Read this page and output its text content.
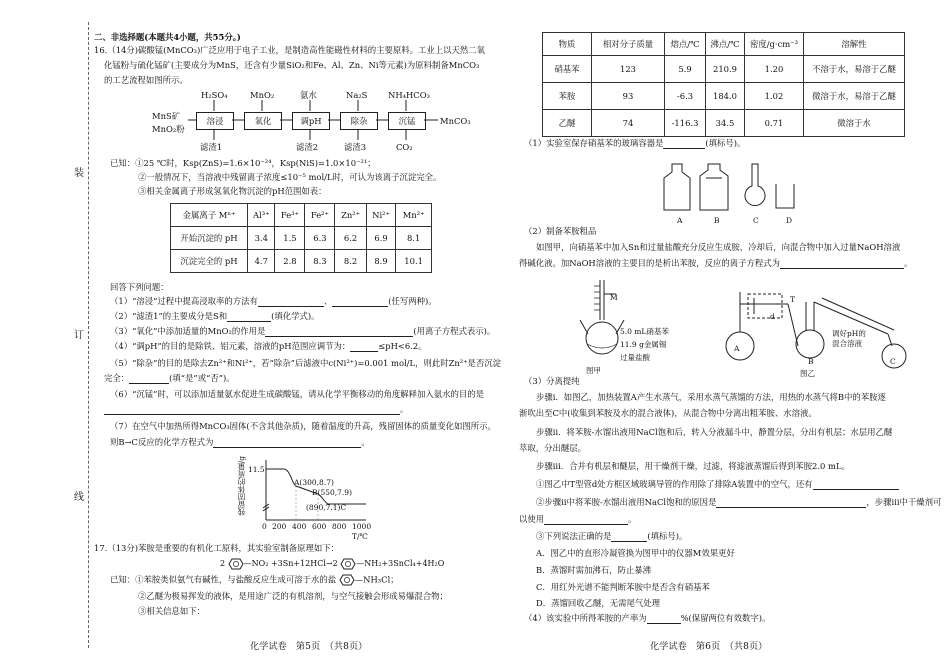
装
订
线
二、非选择题(本题共4小题，共55分。)
16.（14分)碳酸锰(MnCO₃)广泛应用于电子工业，是制造高性能磁性材料的主要原料。工业上以天然二氧
化锰粉与硫化锰矿(主要成分为MnS，还含有少量SiO₂和Fe、Al、Zn、Ni等元素)为原料制备MnCO₃
的工艺流程如图所示。
MnS矿
MnO₂粉
溶浸	氧化	调pH	除杂	沉锰
H₂SO₄	MnO₂	氨水	Na₂S NH₄HCO₃
滤渣1	滤渣2	滤渣3	CO₂
MnCO₃
已知：①25 ℃时，Ksp(ZnS)=1.6×10⁻²⁴，Ksp(NiS)=1.0×10⁻²¹；
②一般情况下，当溶液中残留离子浓度≤10⁻⁵ mol/L时，可认为该离子沉淀完全。
③相关金属离子形成氢氧化物沉淀的pH范围如表：
金属离子 Mⁿ⁺	Al³⁺	Fe³⁺	Fe²⁺	Zn²⁺	Ni²⁺	Mn²⁺
开始沉淀的 pH	3.4	1.5	6.3	6.2	6.9	8.1
沉淀完全的 pH	4.7	2.8	8.3	8.2	8.9	10.1
回答下列问题：
（1）“溶浸”过程中提高浸取率的方法有	、	(任写两种)。
（2）“滤渣1”的主要成分是S和	(填化学式)。
（3）“氧化”中添加适量的MnO₂的作用是	(用离子方程式表示)。
（4）“调pH”的目的是除铁、铝元素，溶液的pH范围应调节为：	≤pH<6.2。
（5）“除杂”的目的是除去Zn²⁺和Ni²⁺，若“除杂”后滤液中c(Ni²⁺)=0.001 mol/L，则此时Zn²⁺是否沉淀
完全：	(填“是”或“否”)。
（6）“沉锰”时，可以添加适量氨水促进生成碳酸锰，请从化学平衡移动的角度解释加入氨水的目的是
。
（7）在空气中加热所得MnCO₃固体(不含其他杂质)，随着温度的升高，残留固体的质量变化如图所示。
则B→C反应的化学方程式为	。
残留固体的质量/g 11.5
A(300,8.7)
B(550,7.9)
(890,7.1)C
0 200 400 600 800 1000
T/℃
17.（13分)苯胺是重要的有机化工原料，其实验室制备原理如下：
2 —NO₂ +3Sn+12HCl→2 —NH₂+3SnCl₄+4H₂O
已知：①苯胺类似氨气有碱性，与盐酸反应生成可溶于水的盐 —NH₃Cl；
②乙醚为极易挥发的液体，是用途广泛的有机溶剂，与空气接触会形成易爆混合物；
③相关信息如下：
化学试卷　第5页　（共8页）
物质	相对分子质量	熔点/℃	沸点/℃	密度/g·cm⁻³	溶解性
硝基苯	123	5.9	210.9	1.20	不溶于水，易溶于乙醚
苯胺	93	-6.3	184.0	1.02	微溶于水，易溶于乙醚
乙醚	74	-116.3	34.5	0.71	微溶于水
（1）实验室保存硝基苯的玻璃容器是	(填标号)。
A	B	C	D
（2）制备苯胺粗品
如图甲，向硝基苯中加入Sn和过量盐酸充分反应生成胺，冷却后，向混合物中加入过量NaOH溶液
得碱化液。加NaOH溶液的主要目的是析出苯胺，反应的离子方程式为	。
M
5.0 mL硝基苯
11.9 g金属锡
过量盐酸
图甲
T
d
A
B	C
调好pH的
混合溶液
图乙
（3）分离提纯
步骤ⅰ．如图乙，加热装置A产生水蒸气，采用水蒸气蒸馏的方法，用热的水蒸气将B中的苯胺逐
渐吹出至C中(收集到苯胺及水的混合液体)，从混合物中分离出粗苯胺、水溶液。
步骤ⅱ．将苯胺-水馏出液用NaCl饱和后，转入分液漏斗中，静置分层，分出有机层；水层用乙醚
萃取，分出醚层。
步骤ⅲ．合并有机层和醚层，用干燥剂干燥，过滤，将滤液蒸馏后得到苯胺2.0 mL。
①图乙中T型管d处方框区域玻璃导管的作用除了排除A装置中的空气，还有
②步骤ⅱ中将苯胺-水馏出液用NaCl饱和的原因是	，步骤ⅲ中干燥剂可
以使用	。
③下列说法正确的是	(填标号)。
A．图乙中的直形冷凝管换为图甲中的仪器M效果更好
B．蒸馏时需加沸石，防止暴沸
C．用红外光谱不能判断苯胺中是否含有硝基苯
D．蒸馏回收乙醚，无需尾气处理
（4）该实验中所得苯胺的产率为	%(保留两位有效数字)。
化学试卷　第6页　（共8页）
